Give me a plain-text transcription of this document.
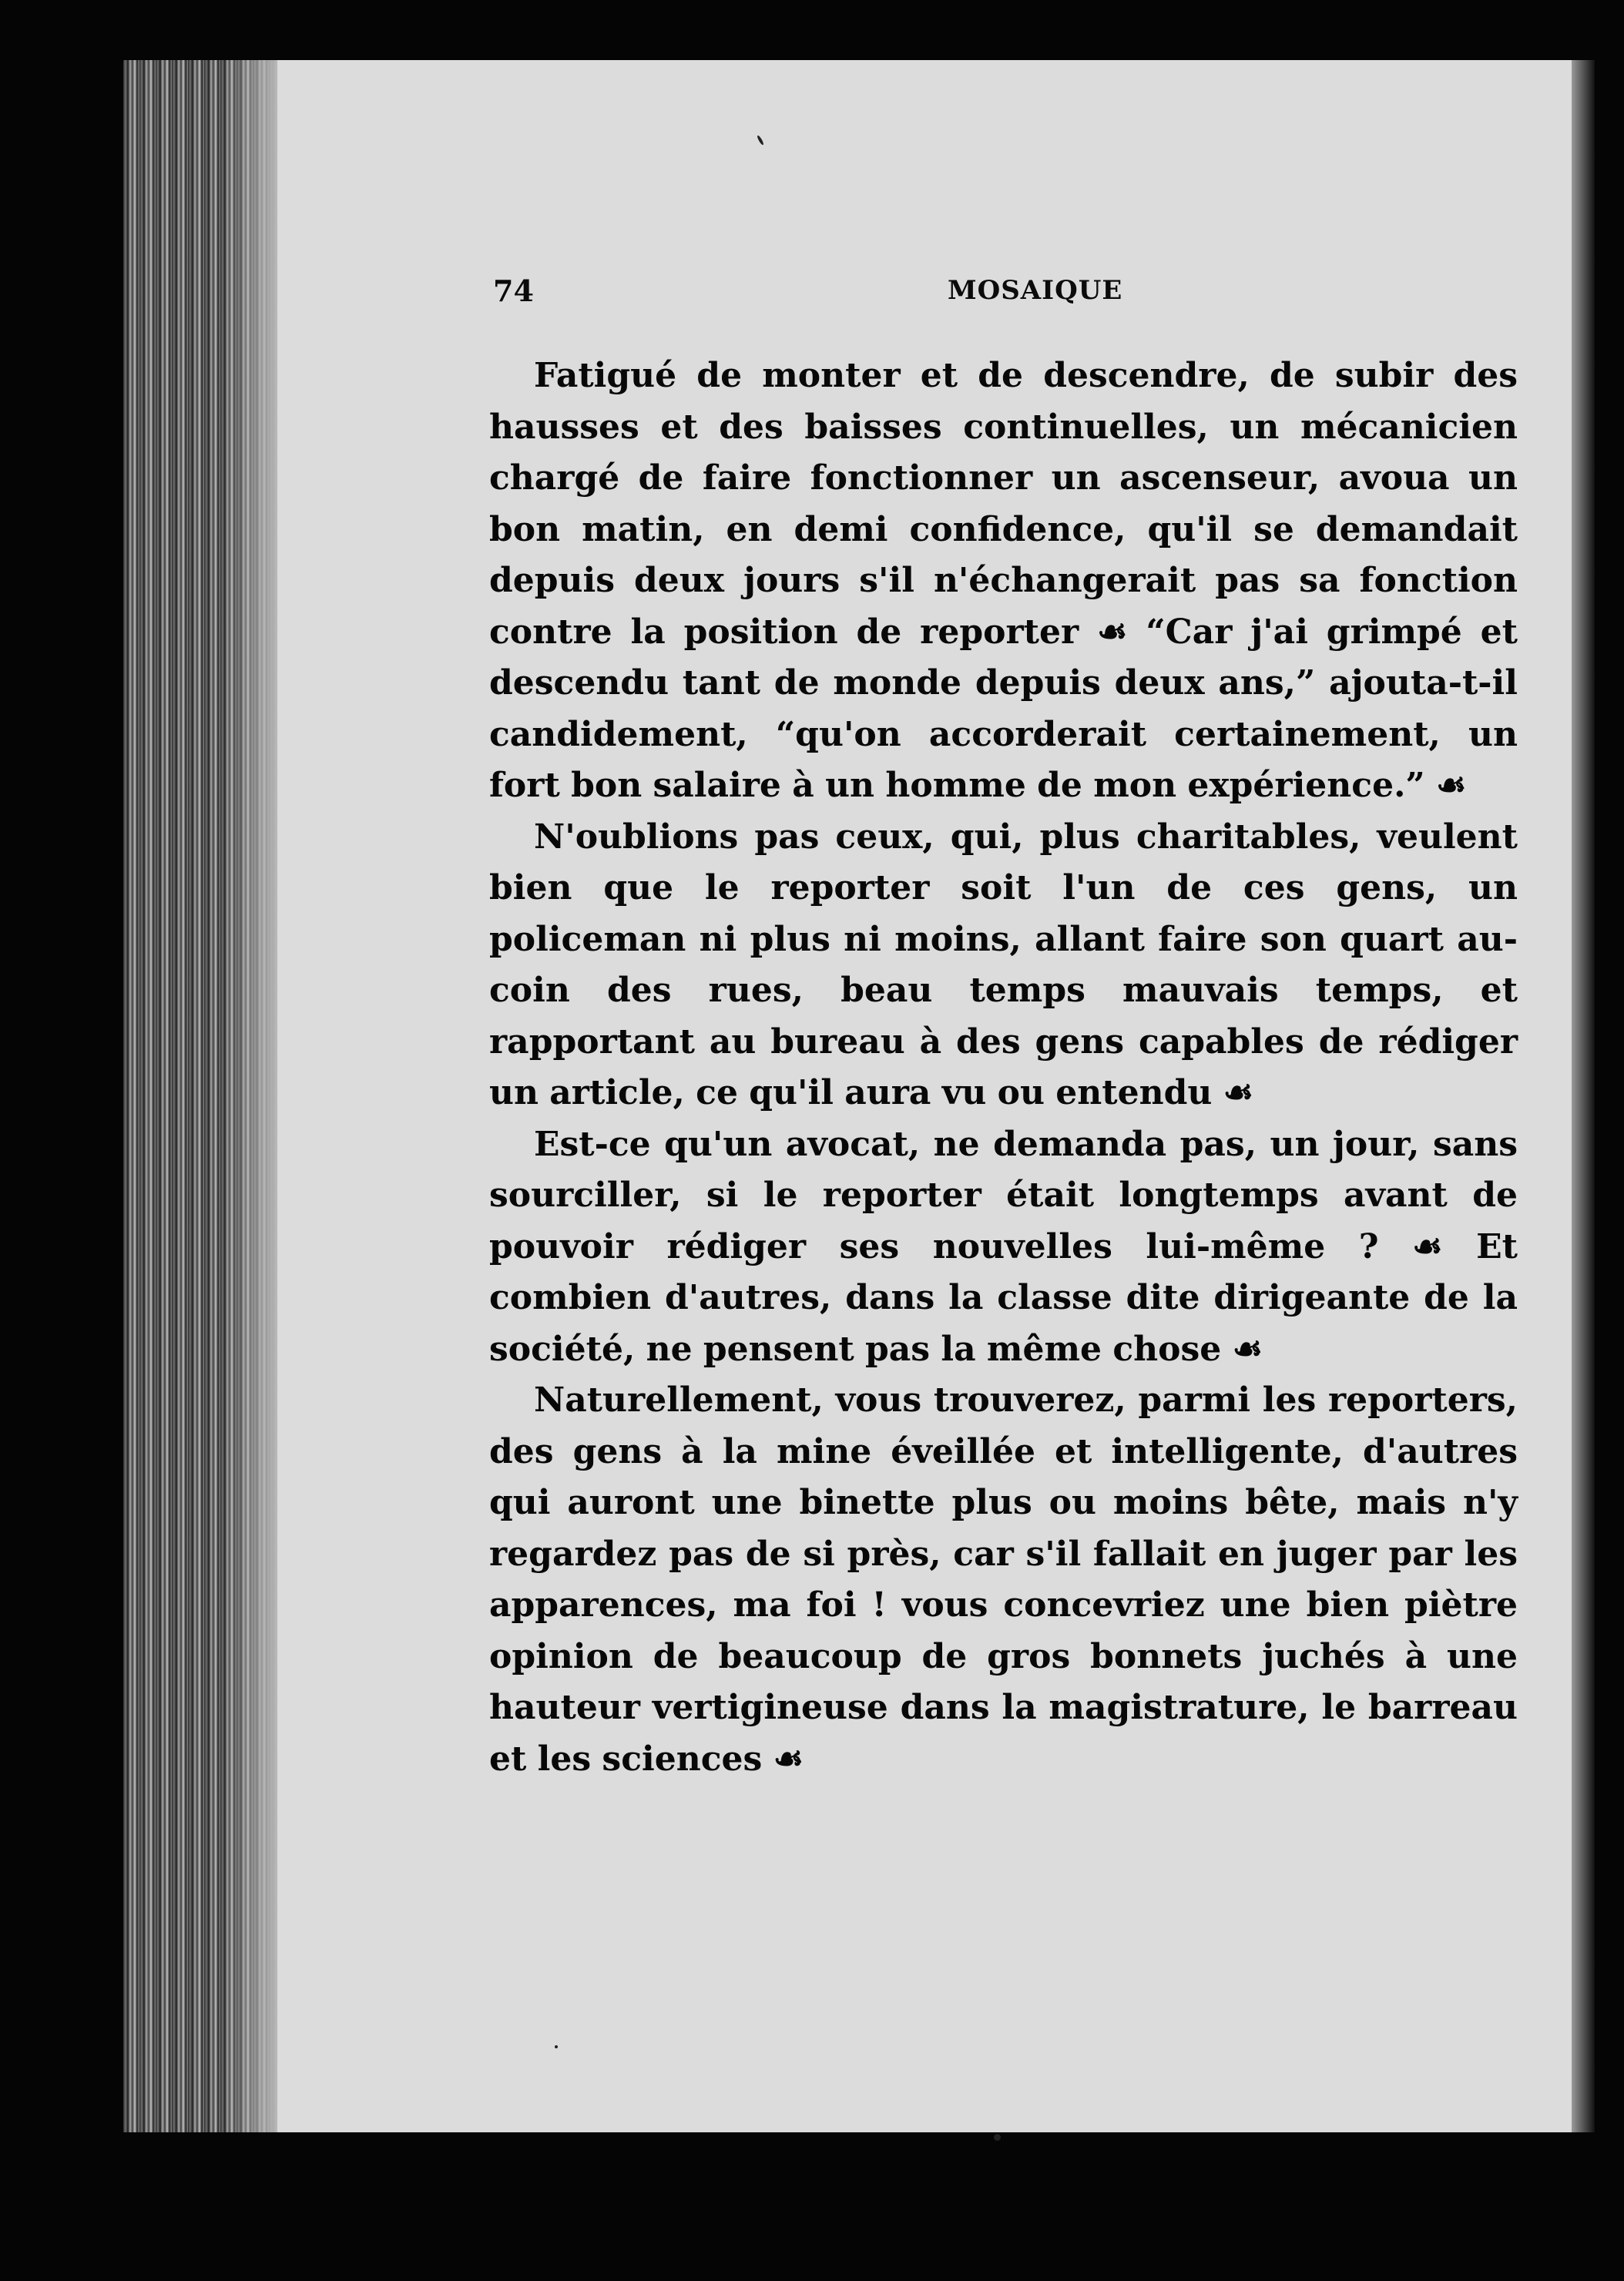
74	MOSAIQUE

Fatigué de monter et de descendre, de subir des hausses et des baisses continuelles, un mécanicien chargé de faire fonctionner un ascenseur, avoua un bon matin, en demi confidence, qu'il se demandait depuis deux jours s'il n'échangerait pas sa fonction contre la position de reporter ☙ “Car j'ai grimpé et descendu tant de monde depuis deux ans,” ajouta-t-il candidement, “qu'on accorderait certainement, un fort bon salaire à un homme de mon expérience.” ☙

N'oublions pas ceux, qui, plus charitables, veulent bien que le reporter soit l'un de ces gens, un policeman ni plus ni moins, allant faire son quart au-coin des rues, beau temps mauvais temps, et rapportant au bureau à des gens capables de rédiger un article, ce qu'il aura vu ou entendu ☙

Est-ce qu'un avocat, ne demanda pas, un jour, sans sourciller, si le reporter était longtemps avant de pouvoir rédiger ses nouvelles lui-même ? ☙ Et combien d'autres, dans la classe dite dirigeante de la société, ne pensent pas la même chose ☙

Naturellement, vous trouverez, parmi les reporters, des gens à la mine éveillée et intelligente, d'autres qui auront une binette plus ou moins bête, mais n'y regardez pas de si près, car s'il fallait en juger par les apparences, ma foi ! vous concevriez une bien piètre opinion de beaucoup de gros bonnets juchés à une hauteur vertigineuse dans la magistrature, le barreau et les sciences ☙
